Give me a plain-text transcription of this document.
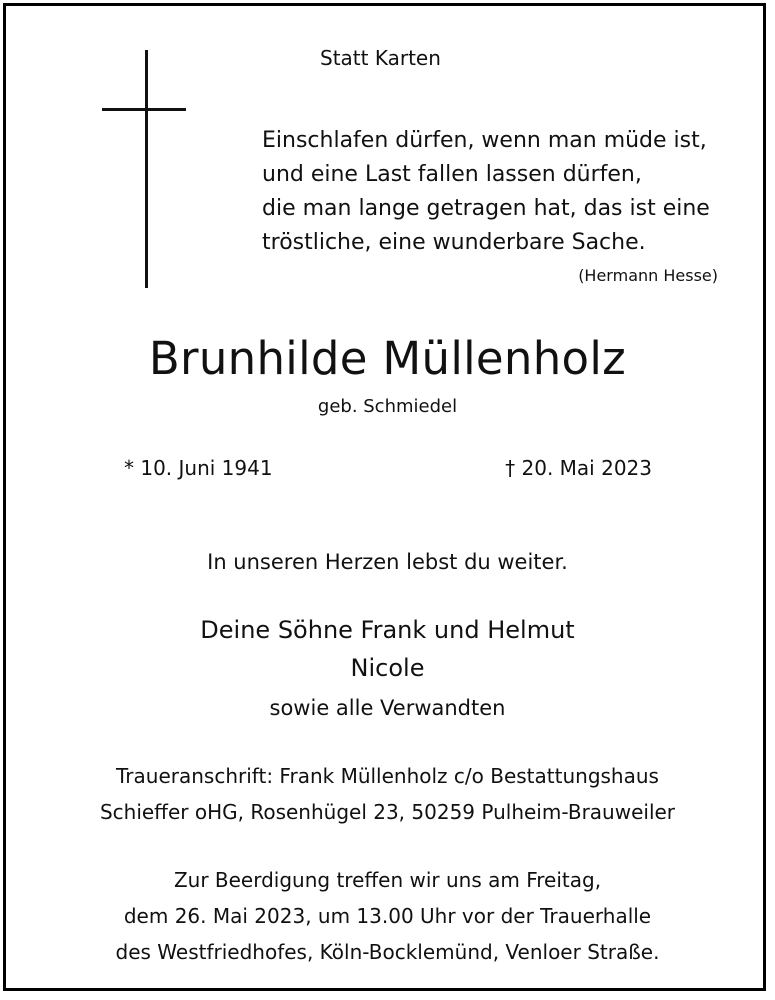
Statt Karten
Einschlafen dürfen, wenn man müde ist,
und eine Last fallen lassen dürfen,
die man lange getragen hat, das ist eine
tröstliche, eine wunderbare Sache.
(Hermann Hesse)
Brunhilde Müllenholz
geb. Schmiedel
* 10. Juni 1941	† 20. Mai 2023
In unseren Herzen lebst du weiter.
Deine Söhne Frank und Helmut
Nicole
sowie alle Verwandten
Traueranschrift: Frank Müllenholz c/o Bestattungshaus
Schieffer oHG, Rosenhügel 23, 50259 Pulheim-Brauweiler
Zur Beerdigung treffen wir uns am Freitag,
dem 26. Mai 2023, um 13.00 Uhr vor der Trauerhalle
des Westfriedhofes, Köln-Bocklemünd, Venloer Straße.
